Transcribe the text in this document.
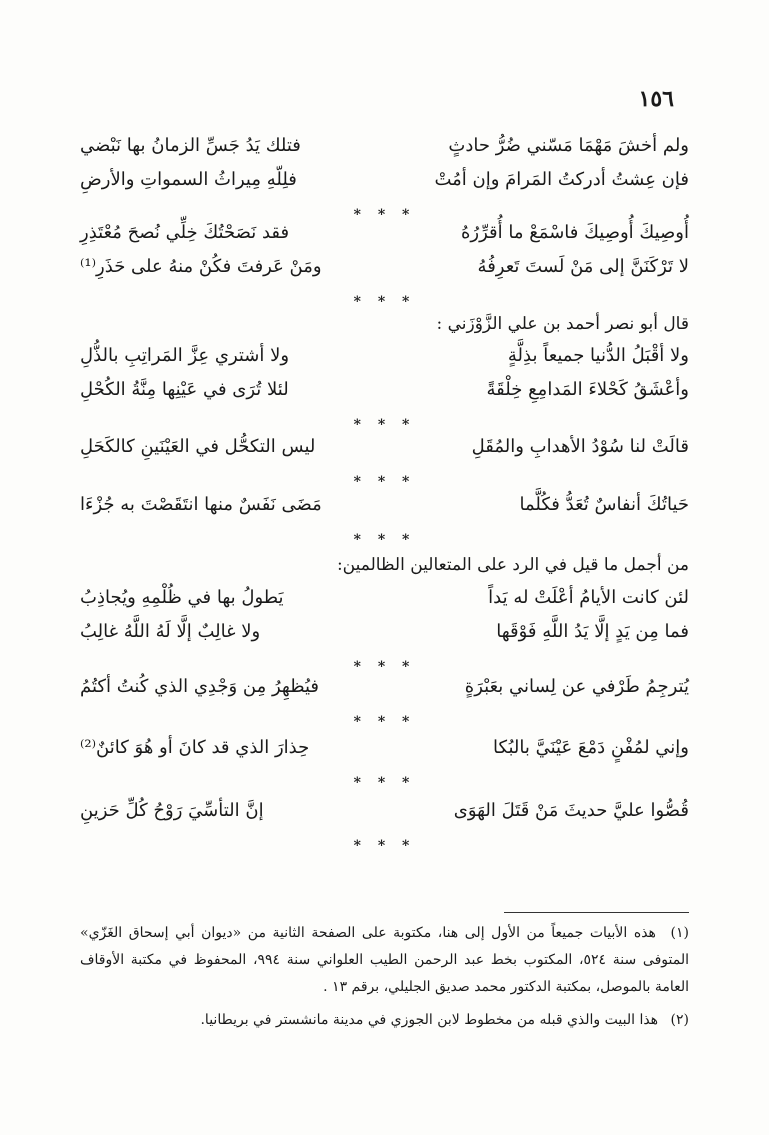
١٥٦
ولم أخشَ مَهْمَا مَسّني ضُرُّ حادثٍ
فتلك يَدُ جَسِّ الزمانُ بها نَبْضي
فإن عِشتُ أدركتُ المَرامَ وإن أمُتْ
فلِلّهِ مِيراثُ السمواتِ والأرضِ
* * *
أُوصِيكَ أُوصِيكَ فاسْمَعْ ما أُقرِّرُهُ
فقد نَصَحْتُكَ خِلِّي نُصحَ مُعْتَذِرِ
لا تَرْكَنَنَّ إلى مَنْ لَستَ تَعرِفُهُ
ومَنْ عَرفتَ فكُنْ منهُ على حَذَرِ⁽¹⁾
* * *
قال أبو نصر أحمد بن علي الزَّوْزَني :
ولا أقْبَلُ الدُّنيا جميعاً بذِلَّةٍ
ولا أشتري عِزَّ المَراتِبِ بالذُّلِ
وأعْشَقُ كَحْلاءَ المَدامِعِ خِلْقَةً
لئلا تُرَى في عَيْنِها مِنَّةُ الكُحْلِ
* * *
قالَتْ لنا سُوْدُ الأهدابِ والمُقَلِ
ليس التكحُّل في العَيْنَينِ كالكَحَلِ
* * *
حَياتُكَ أنفاسٌ تُعَدُّ فكُلَّما
مَضَى نَفَسٌ منها انتَقَصْتَ به جُزْءَا
* * *
من أجمل ما قيل في الرد على المتعالين الظالمين:
لئن كانت الأيامُ أعْلَتْ له يَداً
يَطولُ بها في ظُلْمِهِ ويُجاذِبُ
فما مِن يَدٍ إلَّا يَدُ اللَّهِ فَوْقَها
ولا غالِبٌ إلَّا لَهُ اللَّهُ غالِبُ
* * *
يُترجِمُ طَرْفي عن لِساني بعَبْرَةٍ
فيُظهِرُ مِن وَجْدِي الذي كُنتُ أكتُمُ
* * *
وإني لمُفْنٍ دَمْعَ عَيْنَيَّ بالبُكا
حِذارَ الذي قد كانَ أو هُوَ كائنٌ⁽²⁾
* * *
قُصُّوا عليَّ حديثَ مَنْ قَتَلَ الهَوَى
إنَّ التأسِّيَ رَوْحُ كُلِّ حَزينِ
* * *

(١) هذه الأبيات جميعاً من الأول إلى هنا، مكتوبة على الصفحة الثانية من «ديوان أبي إسحاق الغَزّي» المتوفى سنة ٥٢٤، المكتوب بخط عبد الرحمن الطيب العلواني سنة ٩٩٤، المحفوظ في مكتبة الأوقاف العامة بالموصل، بمكتبة الدكتور محمد صديق الجليلي، برقم ١٣ .

(٢) هذا البيت والذي قبله من مخطوط لابن الجوزي في مدينة مانشستر في بريطانيا.
